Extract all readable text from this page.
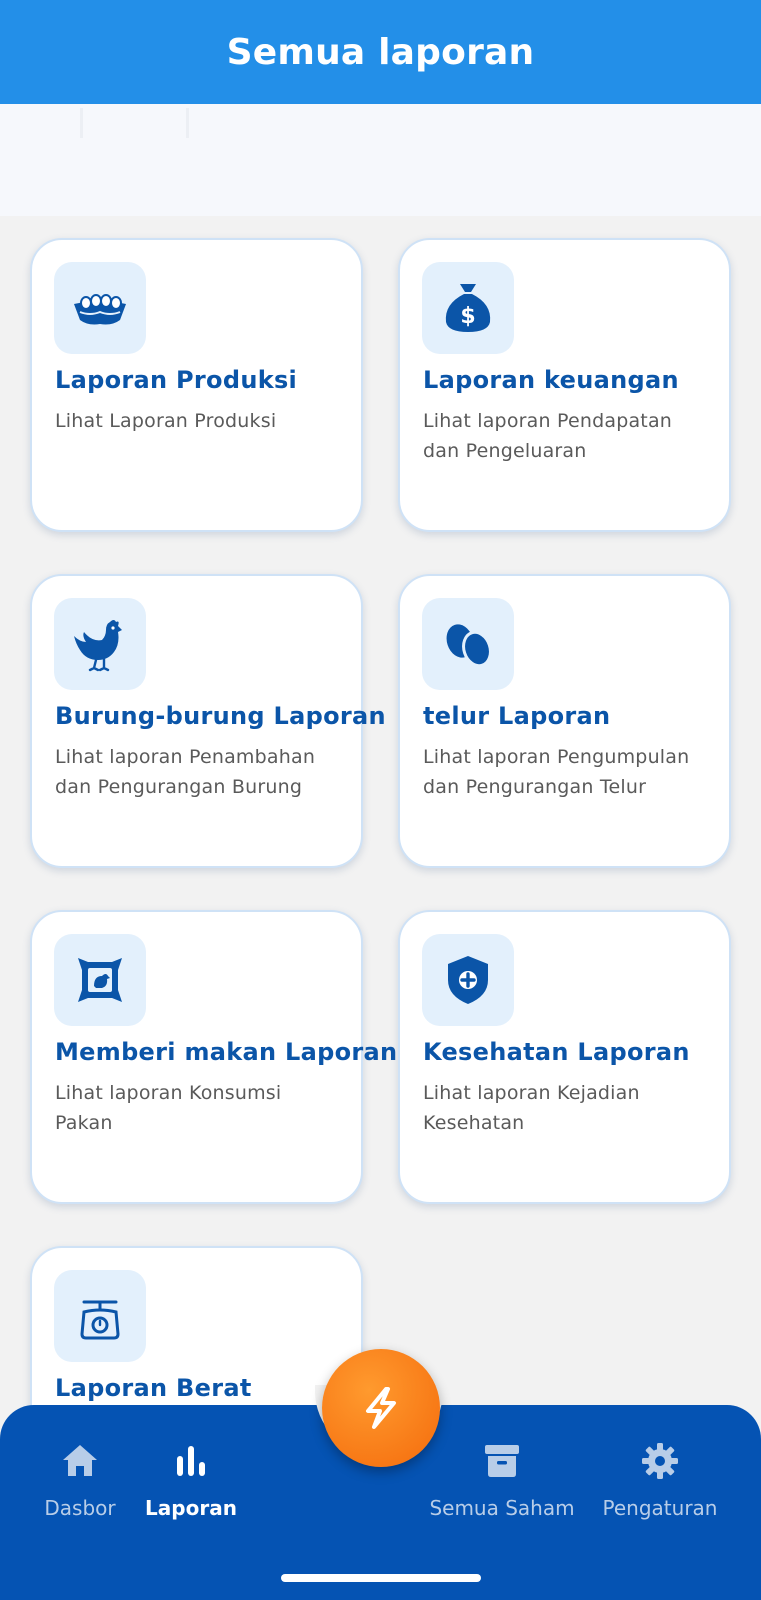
Semua laporan
Laporan Produksi
Lihat Laporan Produksi
$
Laporan keuangan
Lihat laporan Pendapatan dan Pengeluaran
Burung-burung Laporan
Lihat laporan Penambahan dan Pengurangan Burung
telur Laporan
Lihat laporan Pengumpulan dan Pengurangan Telur
Memberi makan Laporan
Lihat laporan Konsumsi Pakan
Kesehatan Laporan
Lihat laporan Kejadian Kesehatan
Laporan Berat
Dasbor Laporan	Semua Saham Pengaturan
